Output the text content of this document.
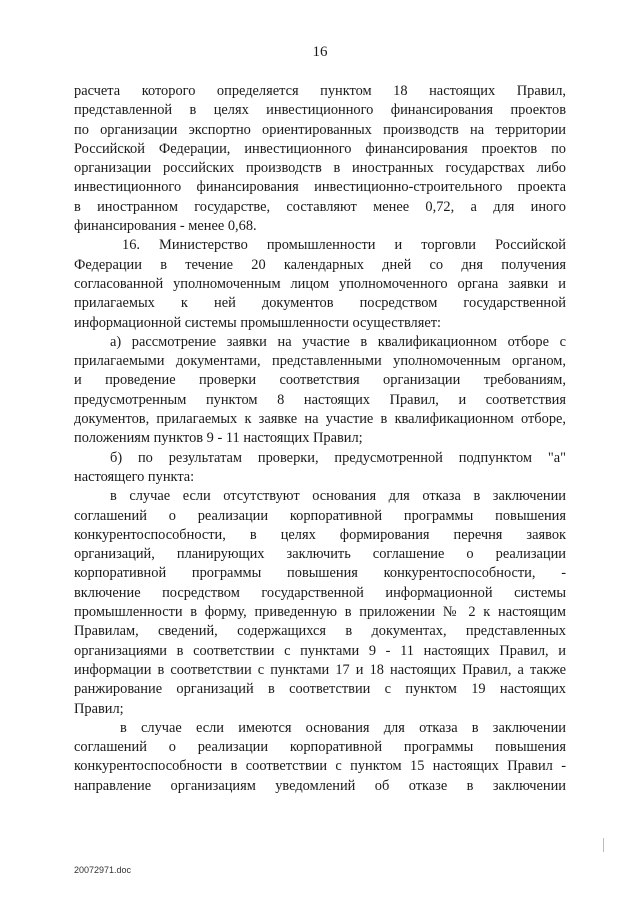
16
расчета которого определяется пунктом 18 настоящих Правил,
представленной в целях инвестиционного финансирования проектов
по организации экспортно ориентированных производств на территории
Российской Федерации, инвестиционного финансирования проектов по
организации российских производств в иностранных государствах либо
инвестиционного финансирования инвестиционно-строительного проекта
в иностранном государстве, составляют менее 0,72, а для иного
финансирования - менее 0,68.
16. Министерство промышленности и торговли Российской
Федерации в течение 20 календарных дней со дня получения
согласованной уполномоченным лицом уполномоченного органа заявки и
прилагаемых к ней документов посредством государственной
информационной системы промышленности осуществляет:
а) рассмотрение заявки на участие в квалификационном отборе с
прилагаемыми документами, представленными уполномоченным органом,
и проведение проверки соответствия организации требованиям,
предусмотренным пунктом 8 настоящих Правил, и соответствия
документов, прилагаемых к заявке на участие в квалификационном отборе,
положениям пунктов 9 - 11 настоящих Правил;
б) по результатам проверки, предусмотренной подпунктом "а"
настоящего пункта:
в случае если отсутствуют основания для отказа в заключении
соглашений о реализации корпоративной программы повышения
конкурентоспособности, в целях формирования перечня заявок
организаций, планирующих заключить соглашение о реализации
корпоративной программы повышения конкурентоспособности, -
включение посредством государственной информационной системы
промышленности в форму, приведенную в приложении № 2 к настоящим
Правилам, сведений, содержащихся в документах, представленных
организациями в соответствии с пунктами 9 - 11 настоящих Правил, и
информации в соответствии с пунктами 17 и 18 настоящих Правил, а также
ранжирование организаций в соответствии с пунктом 19 настоящих
Правил;
в случае если имеются основания для отказа в заключении
соглашений о реализации корпоративной программы повышения
конкурентоспособности в соответствии с пунктом 15 настоящих Правил -
направление организациям уведомлений об отказе в заключении
20072971.doc
